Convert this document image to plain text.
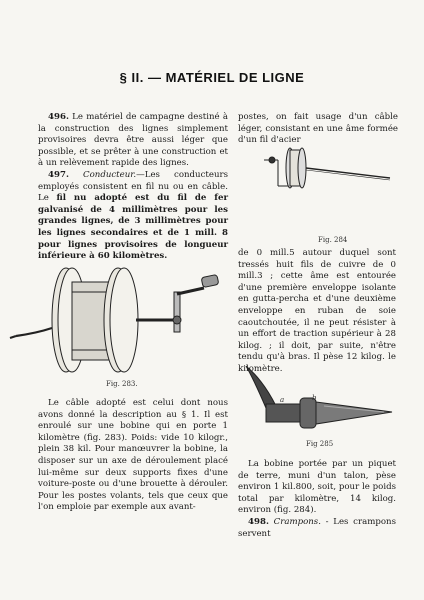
§ II. — MATÉRIEL DE LIGNE

496. Le matériel de campagne destiné à la construction des lignes simplement provisoires devra être aussi léger que possible, et se prêter à une construction et à un relèvement rapide des lignes.

497. Conducteur.—Les conducteurs employés consistent en fil nu ou en câble. Le fil nu adopté est du fil de fer galvanisé de 4 millimètres pour les grandes lignes, de 3 millimètres pour les lignes secondaires et de 1 mill. 8 pour lignes provisoires de longueur inférieure à 60 kilomètres.

Fig. 283.

Le câble adopté est celui dont nous avons donné la description au § 1. Il est enroulé sur une bobine qui en porte 1 kilomètre (fig. 283). Poids: vide 10 kilogr., plein 38 kil. Pour manœuvrer la bobine, la disposer sur un axe de déroulement placé lui-même sur deux supports fixes d'une voiture-poste ou d'une brouette à dérouler. Pour les postes volants, tels que ceux que l'on emploie par exemple aux avant-

postes, on fait usage d'un câble léger, consistant en une âme formée d'un fil d'acier

Fig. 284

de 0 mill.5 autour duquel sont tressés huit fils de cuivre de 0 mill.3 ; cette âme est entourée d'une première enveloppe isolante en gutta-percha et d'une deuxième enveloppe en ruban de soie caoutchoutée, il ne peut résister à un effort de traction supérieur à 28 kilog. ; il doit, par suite, n'être tendu qu'à bras. Il pèse 12 kilog. le kilomètre.

a	b
Fig 285

La bobine portée par un piquet de terre, muni d'un talon, pèse environ 1 kil.800, soit, pour le poids total par kilomètre, 14 kilog. environ (fig. 284).

498. Crampons. - Les crampons servent
